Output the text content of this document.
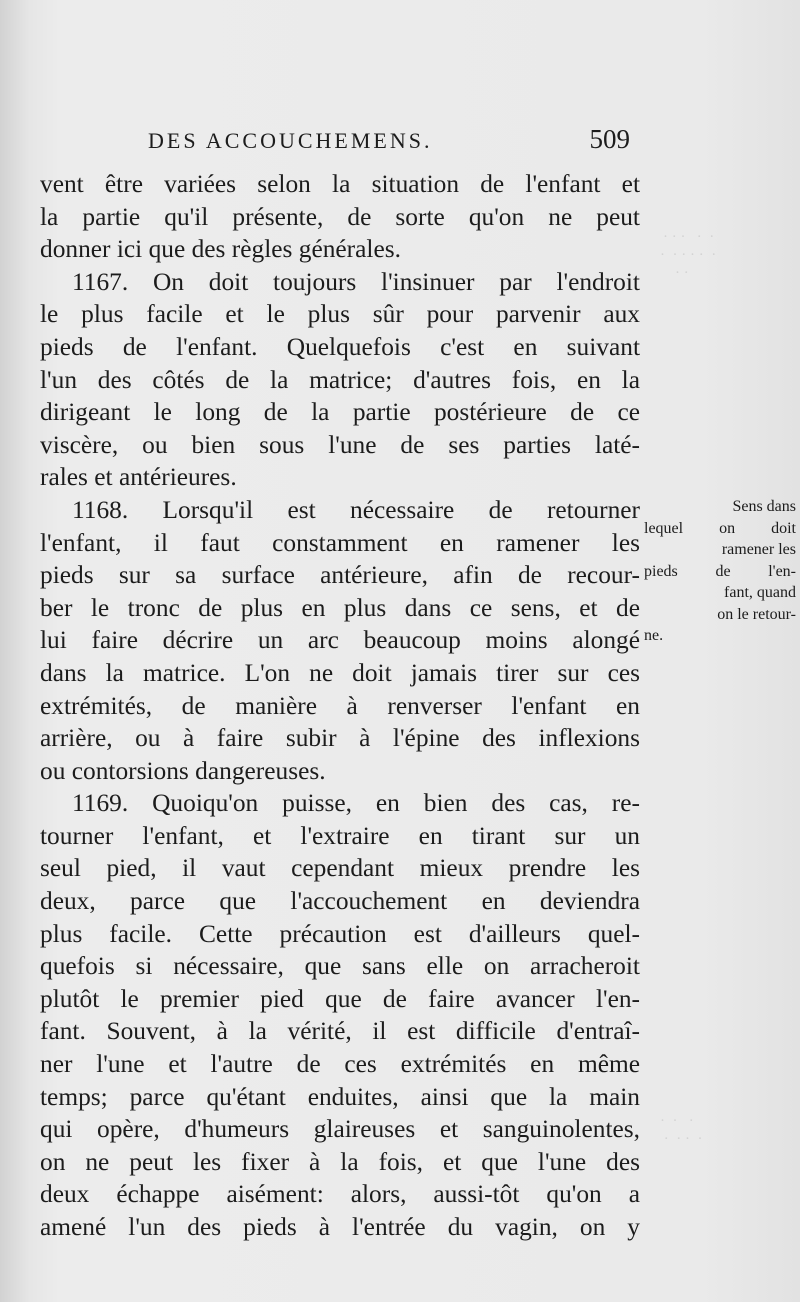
 · · ·   ·  ·
·  · · · ·  ·
· ·
·  ·   ·
·  · ·  ·
DES ACCOUCHEMENS.	509
vent être variées selon la situation de l'enfant et
la partie qu'il présente, de sorte qu'on ne peut
donner ici que des règles générales.
1167. On doit toujours l'insinuer par l'endroit
le plus facile et le plus sûr pour parvenir aux
pieds de l'enfant. Quelquefois c'est en suivant
l'un des côtés de la matrice; d'autres fois, en la
dirigeant le long de la partie postérieure de ce
viscère, ou bien sous l'une de ses parties laté-
rales et antérieures.
1168. Lorsqu'il est nécessaire de retourner
l'enfant, il faut constamment en ramener les
pieds sur sa surface antérieure, afin de recour-
ber le tronc de plus en plus dans ce sens, et de
lui faire décrire un arc beaucoup moins alongé
dans la matrice. L'on ne doit jamais tirer sur ces
extrémités, de manière à renverser l'enfant en
arrière, ou à faire subir à l'épine des inflexions
ou contorsions dangereuses.
1169. Quoiqu'on puisse, en bien des cas, re-
tourner l'enfant, et l'extraire en tirant sur un
seul pied, il vaut cependant mieux prendre les
deux, parce que l'accouchement en deviendra
plus facile. Cette précaution est d'ailleurs quel-
quefois si nécessaire, que sans elle on arracheroit
plutôt le premier pied que de faire avancer l'en-
fant. Souvent, à la vérité, il est difficile d'entraî-
ner l'une et l'autre de ces extrémités en même
temps; parce qu'étant enduites, ainsi que la main
qui opère, d'humeurs glaireuses et sanguinolentes,
on ne peut les fixer à la fois, et que l'une des
deux échappe aisément: alors, aussi-tôt qu'on a
amené l'un des pieds à l'entrée du vagin, on y
Sens dans
lequel on doit
ramener les
pieds de l'en-
fant, quand
on le retour-
ne.
